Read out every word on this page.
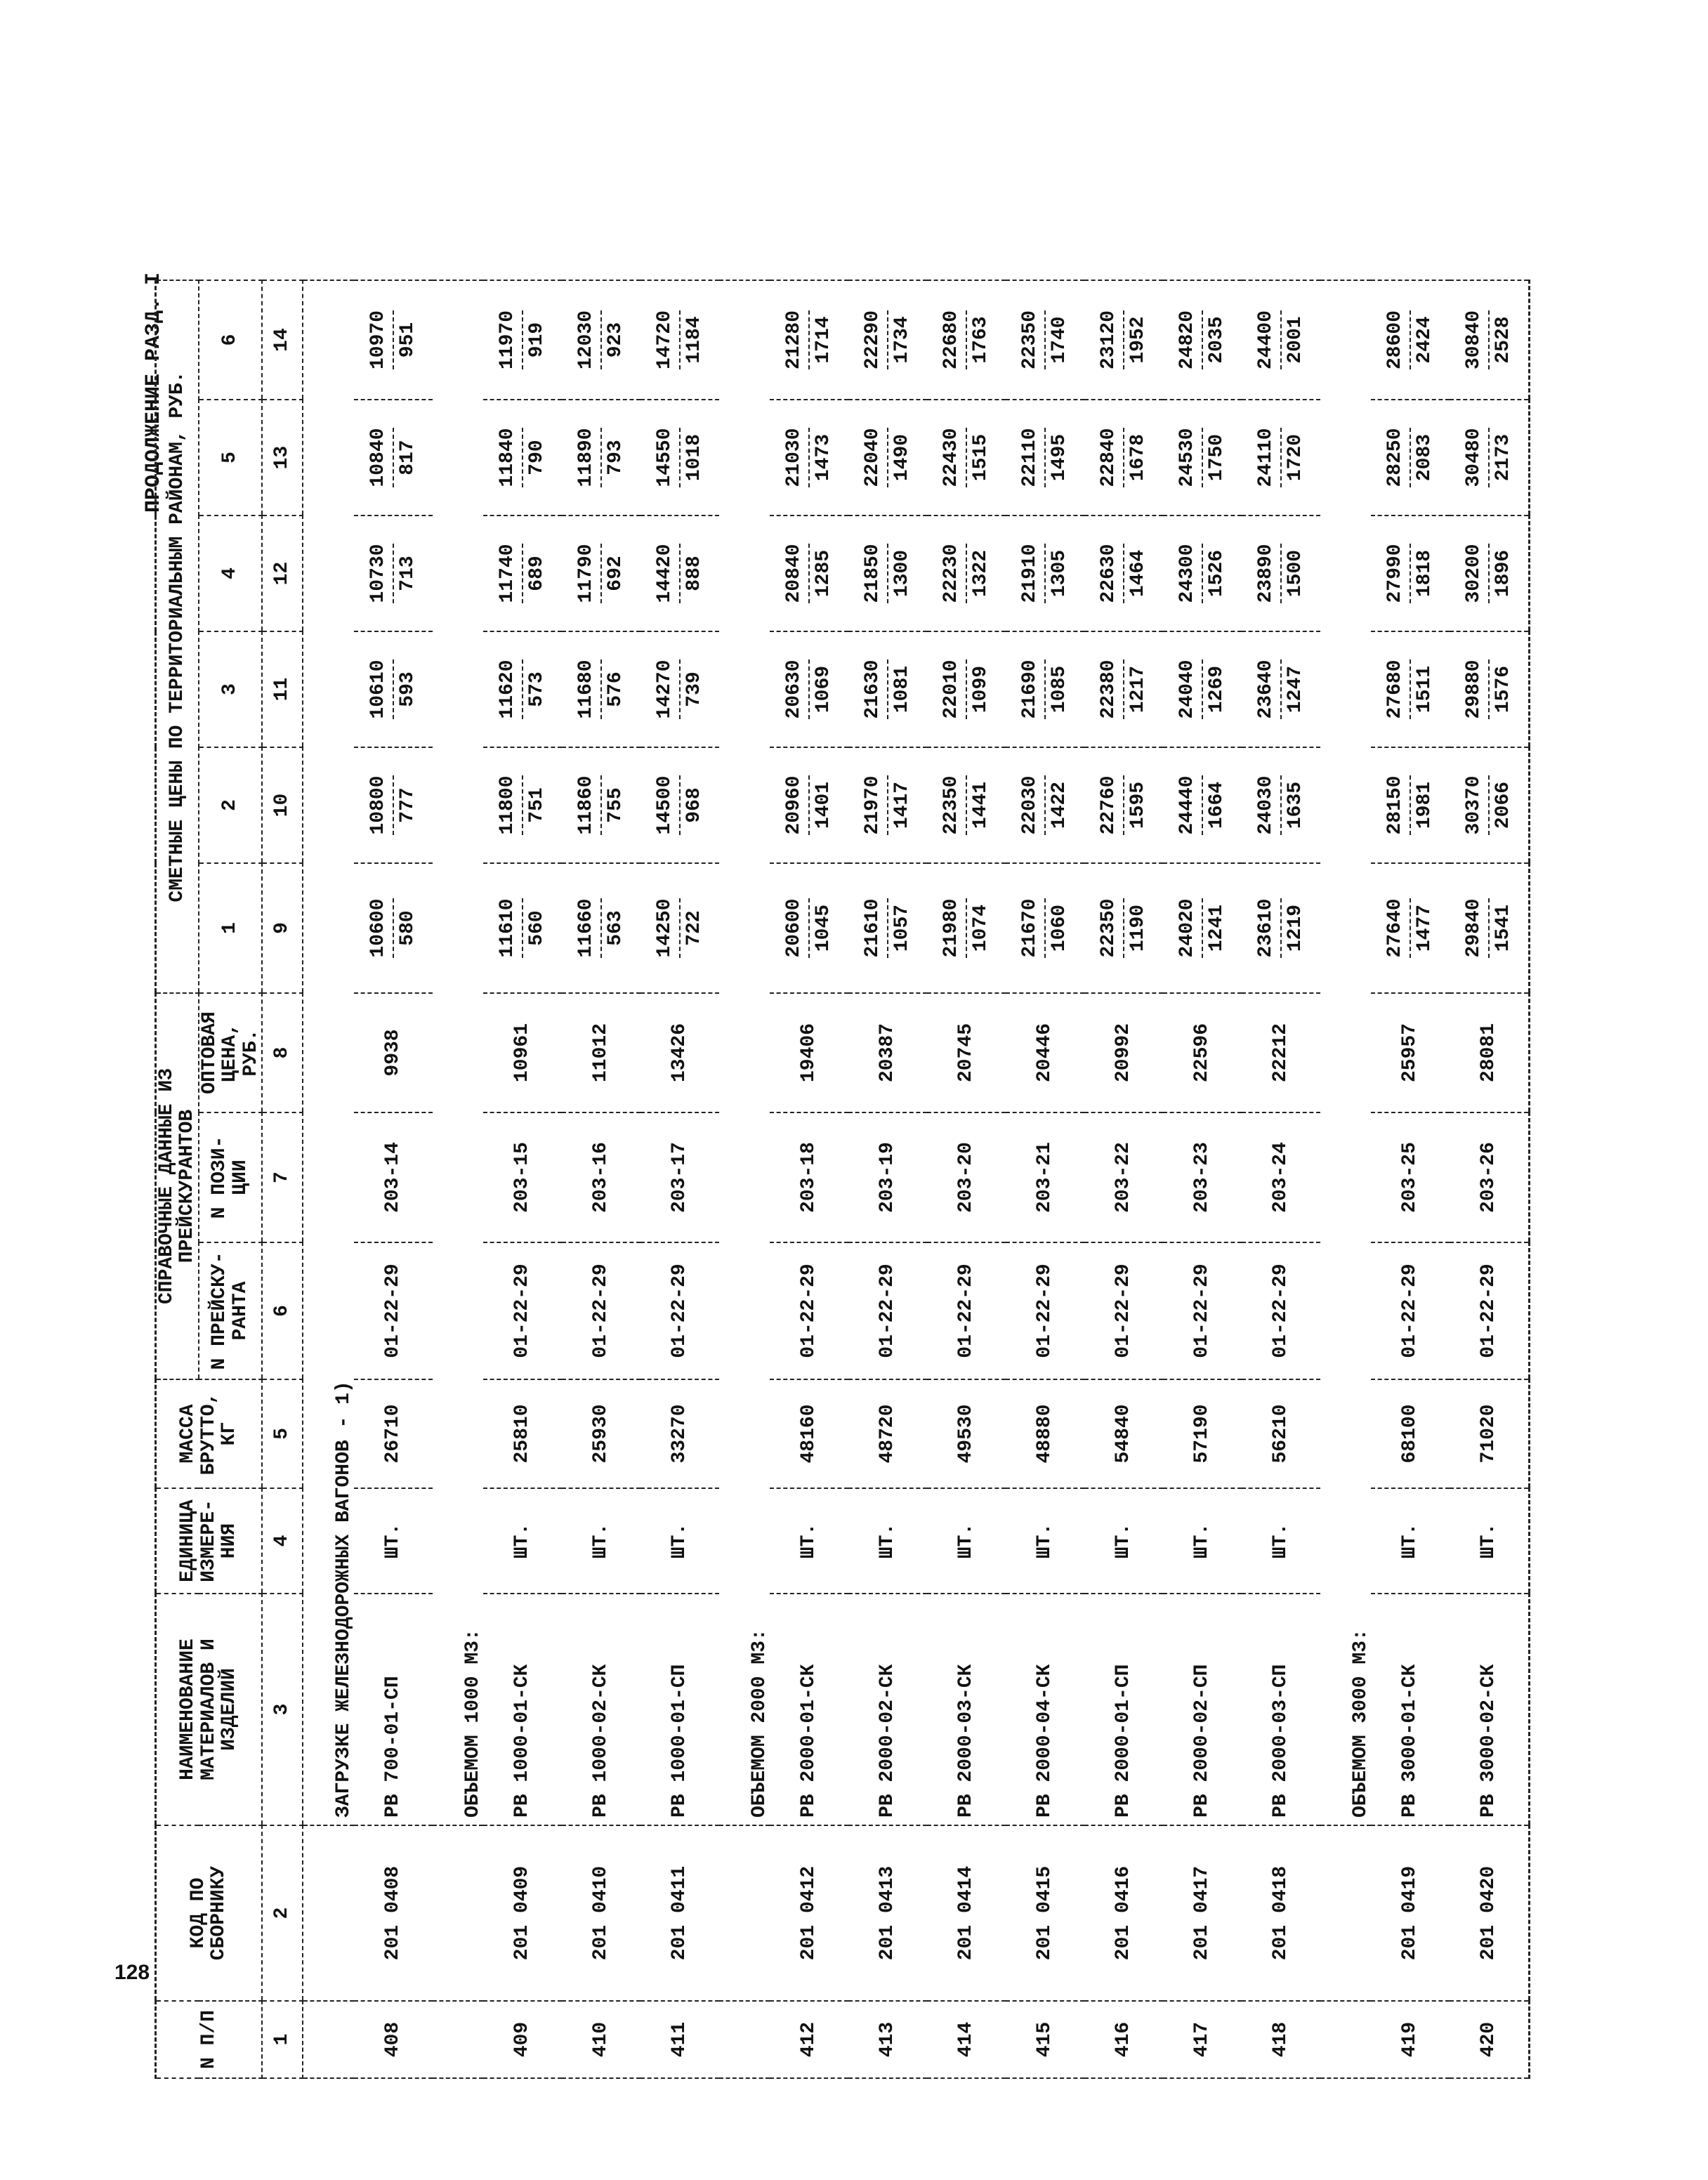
128
ПРОДОЛЖЕНИЕ РАЗД. I
N П/П	КОД ПО СБОРНИКУ	НАИМЕНОВАНИЕ МАТЕРИАЛОВ И ИЗДЕЛИЙ	ЕДИНИЦА ИЗМЕРЕ- НИЯ	МАССА БРУТТО, КГ	СПРАВОЧНЫЕ ДАННЫЕ ИЗ ПРЕЙСКУРАНТОВ			СМЕТНЫЕ ЦЕНЫ ПО ТЕРРИТОРИАЛЬНЫМ РАЙОНАМ, РУБ.					
					N ПРЕЙСКУ- РАНТА	N ПОЗИ- ЦИИ	ОПТОВАЯ ЦЕНА, РУБ.	1	2	3	4	5	6
1	2	3	4	5	6	7	8	9	10	11	12	13	14
		ЗАГРУЗКЕ ЖЕЛЕЗНОДОРОЖНЫХ ВАГОНОВ - 1)											
408	201 0408	РВ 700-01-СП	ШТ.	26710	01-22-29	203-14	9938	10600 580	10800 777	10610 593	10730 713	10840 817	10970 951

		ОБЪЕМОМ 1000 М3:											
409	201 0409	РВ 1000-01-СК	ШТ.	25810	01-22-29	203-15	10961	11610 560	11800 751	11620 573	11740 689	11840 790	11970 919

410	201 0410	РВ 1000-02-СК	ШТ.	25930	01-22-29	203-16	11012	11660 563	11860 755	11680 576	11790 692	11890 793	12030 923

411	201 0411	РВ 1000-01-СП	ШТ.	33270	01-22-29	203-17	13426	14250 722	14500 968	14270 739	14420 888	14550 1018	14720 1184

		ОБЪЕМОМ 2000 М3:											
412	201 0412	РВ 2000-01-СК	ШТ.	48160	01-22-29	203-18	19406	20600 1045	20960 1401	20630 1069	20840 1285	21030 1473	21280 1714

413	201 0413	РВ 2000-02-СК	ШТ.	48720	01-22-29	203-19	20387	21610 1057	21970 1417	21630 1081	21850 1300	22040 1490	22290 1734

414	201 0414	РВ 2000-03-СК	ШТ.	49530	01-22-29	203-20	20745	21980 1074	22350 1441	22010 1099	22230 1322	22430 1515	22680 1763

415	201 0415	РВ 2000-04-СК	ШТ.	48880	01-22-29	203-21	20446	21670 1060	22030 1422	21690 1085	21910 1305	22110 1495	22350 1740

416	201 0416	РВ 2000-01-СП	ШТ.	54840	01-22-29	203-22	20992	22350 1190	22760 1595	22380 1217	22630 1464	22840 1678	23120 1952

417	201 0417	РВ 2000-02-СП	ШТ.	57190	01-22-29	203-23	22596	24020 1241	24440 1664	24040 1269	24300 1526	24530 1750	24820 2035

418	201 0418	РВ 2000-03-СП	ШТ.	56210	01-22-29	203-24	22212	23610 1219	24030 1635	23640 1247	23890 1500	24110 1720	24400 2001

		ОБЪЕМОМ 3000 М3:											
419	201 0419	РВ 3000-01-СК	ШТ.	68100	01-22-29	203-25	25957	27640 1477	28150 1981	27680 1511	27990 1818	28250 2083	28600 2424

420	201 0420	РВ 3000-02-СК	ШТ.	71020	01-22-29	203-26	28081	29840 1541	30370 2066	29880 1576	30200 1896	30480 2173	30840 2528
